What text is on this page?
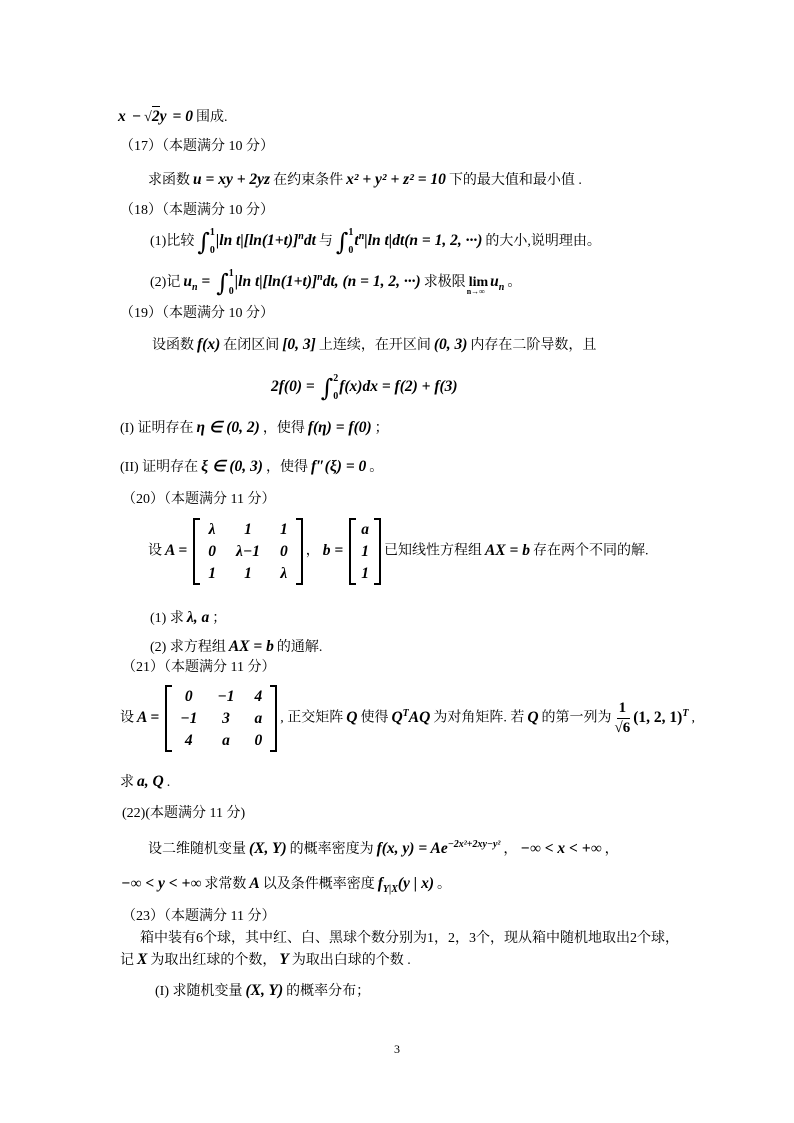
x − √2y = 0 围成.
（17）（本题满分 10 分）
求函数 u = xy + 2yz 在约束条件 x² + y² + z² = 10 下的最大值和最小值 .
（18）（本题满分 10 分）
(1)比较 ∫ 1
0
|ln $t|[\ln(1+t)]^ndt$ 与 ∫ 1
0
$t^n|\ln$ t|dt(n = 1, 2, ···) 的大小,说明理由。
(2)记 $u_n$ = ∫ 1
0
|ln $t|[\ln(1+t)]^ndt$, (n = 1, 2, ···) 求极限 lim
n→∞
$u_n$ 。
（19）（本题满分 10 分）
设函数 f(x) 在闭区间 [0, 3] 上连续，在开区间 (0, 3) 内存在二阶导数，且
2f(0) = ∫ 2
0
f(x)dx = f(2) + f(3)
(I) 证明存在 η ∈ (0, 2) ，使得 f(η) = f(0) ；
(II) 证明存在 ξ ∈ (0, 3) ，使得 f″(ξ) = 0 。
（20）（本题满分 11 分）
设 A =
λ	1	1
0 λ−1 0
1	1	λ
， b =
a
1
1
已知线性方程组 AX = b 存在两个不同的解.
(1) 求 λ, a ；
(2) 求方程组 AX = b 的通解.
（21）（本题满分 11 分）
设 A =
0	−1 4
−1	3	a
4	a	0
, 正交矩阵 Q 使得 $Q^TAQ$ 为对角矩阵. 若 Q 的第一列为 $\frac{1}{√6} (1$, 2, 1)$^T$ ,
求 a, Q .
(22)(本题满分 11 分)
设二维随机变量 (X, Y) 的概率密度为 f(x, $y) = Ae^{-2x^2+2xy-y^2}$ ， −∞ < x < +∞ ，
−∞ < y < +∞ 求常数 A 以及条件概率密度 $f_{Y|X}(y$ | x) 。
（23）（本题满分 11 分）
箱中装有6个球，其中红、白、黑球个数分别为1，2，3个，现从箱中随机地取出2个球，
记 X 为取出红球的个数， Y 为取出白球的个数 .
(I) 求随机变量 (X, Y) 的概率分布；
3
